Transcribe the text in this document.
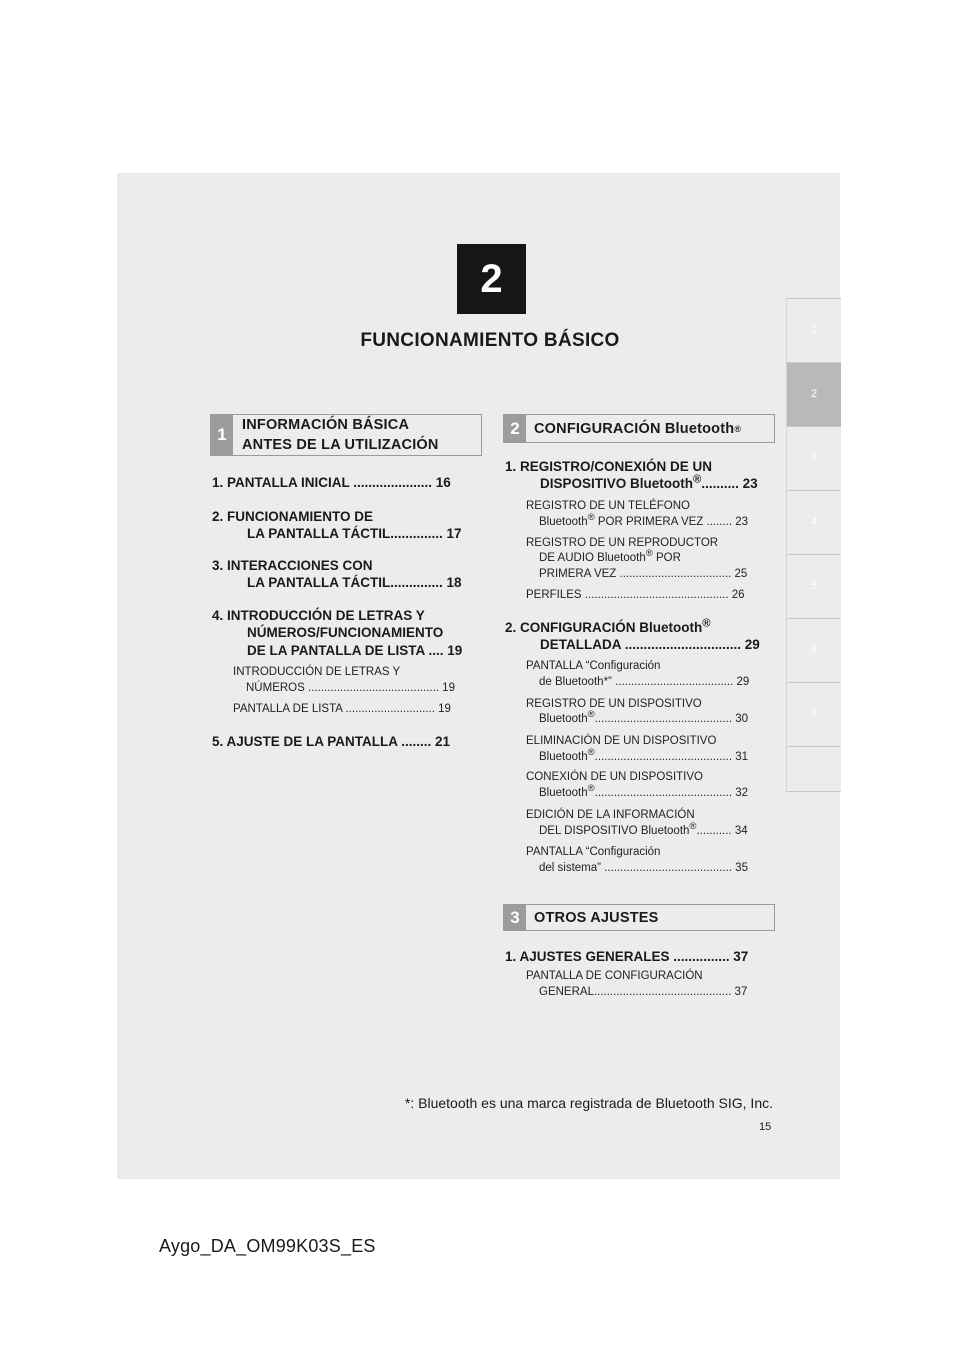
2
FUNCIONAMIENTO BÁSICO	1
2
3
4
5
6
7
1	INFORMACIÓN BÁSICA
ANTES DE LA UTILIZACIÓN
2 CONFIGURACIÓN Bluetooth ®
3 OTROS AJUSTES
1. PANTALLA INICIAL ..................... 16
2. FUNCIONAMIENTO DE
LA PANTALLA TÁCTIL.............. 17
3. INTERACCIONES CON
LA PANTALLA TÁCTIL.............. 18
4. INTRODUCCIÓN DE LETRAS Y
NÚMEROS/FUNCIONAMIENTO
DE LA PANTALLA DE LISTA .... 19
INTRODUCCIÓN DE LETRAS Y
NÚMEROS ......................................... 19
PANTALLA DE LISTA ............................ 19
5. AJUSTE DE LA PANTALLA ........ 21
1. REGISTRO/CONEXIÓN DE UN
DISPOSITIVO Bluetooth®.......... 23
REGISTRO DE UN TELÉFONO
Bluetooth® POR PRIMERA VEZ ........ 23
REGISTRO DE UN REPRODUCTOR
DE AUDIO Bluetooth® POR
PRIMERA VEZ ................................... 25
PERFILES ............................................. 26
2. CONFIGURACIÓN Bluetooth®
DETALLADA ............................... 29
PANTALLA “Configuración
de Bluetooth*” ..................................... 29
REGISTRO DE UN DISPOSITIVO
Bluetooth®........................................... 30
ELIMINACIÓN DE UN DISPOSITIVO
Bluetooth®........................................... 31
CONEXIÓN DE UN DISPOSITIVO
Bluetooth®........................................... 32
EDICIÓN DE LA INFORMACIÓN
DEL DISPOSITIVO Bluetooth®........... 34
PANTALLA “Configuración
del sistema” ........................................ 35
1. AJUSTES GENERALES ............... 37
PANTALLA DE CONFIGURACIÓN
GENERAL........................................... 37
*: Bluetooth es una marca registrada de Bluetooth SIG, Inc.
15
Aygo_DA_OM99K03S_ES
